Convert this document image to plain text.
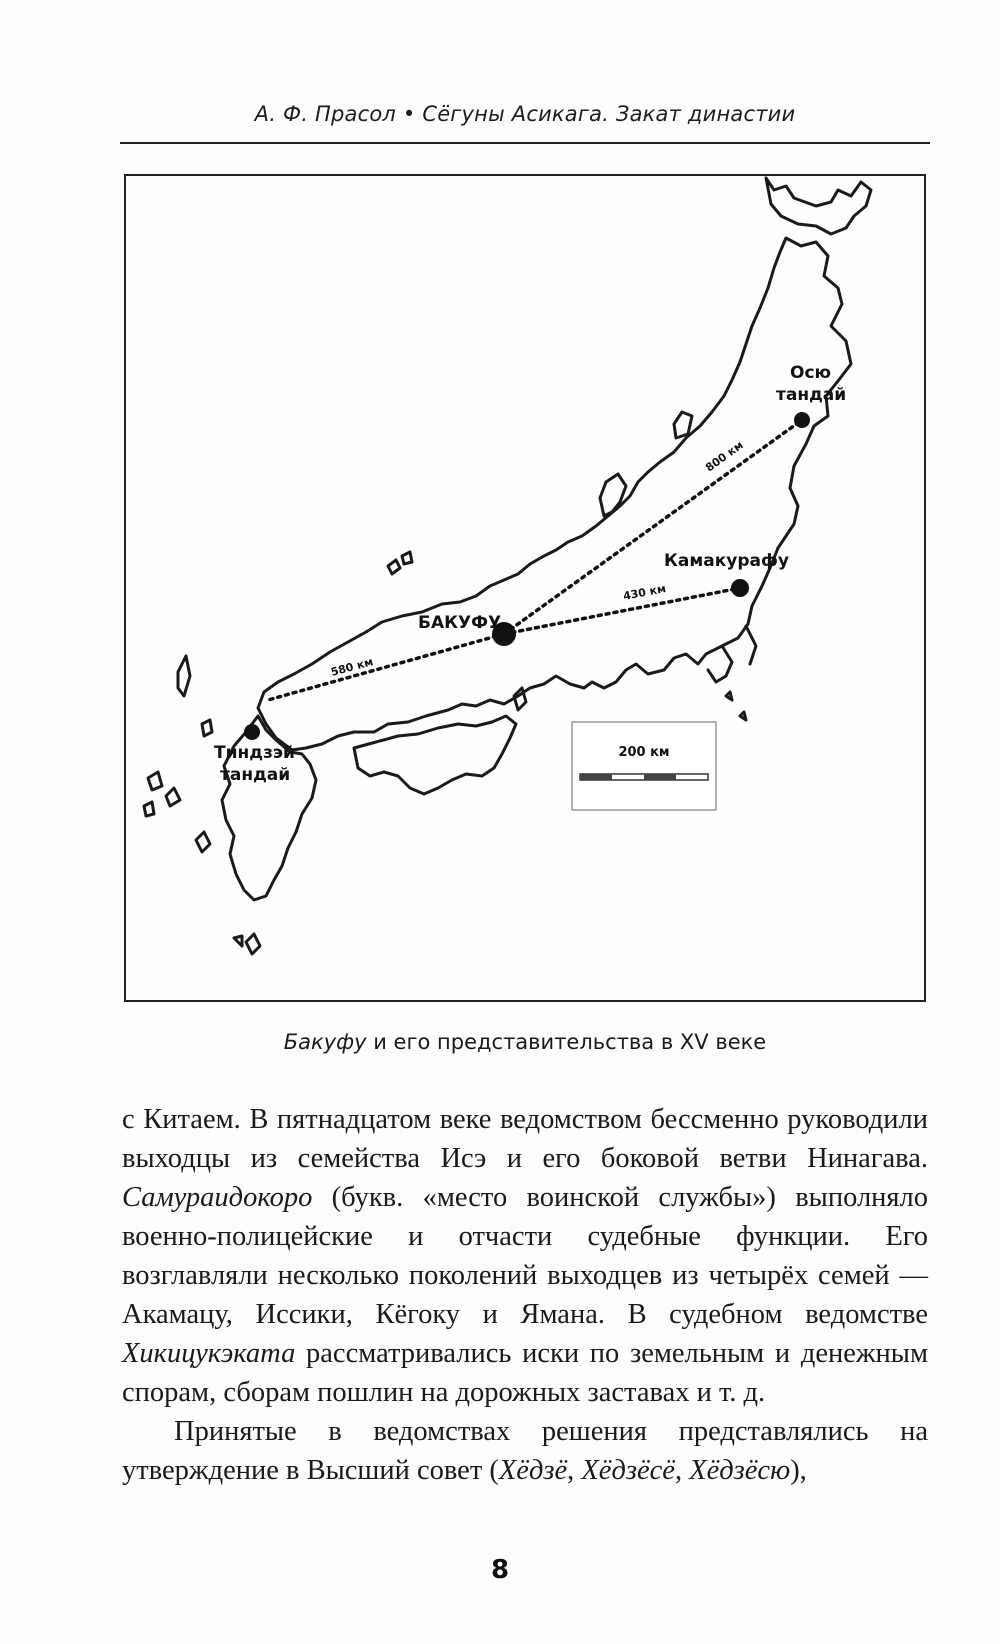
А. Ф. Прасол • Сёгуны Асикага. Закат династии
Осю
тандай
Камакурафу
БАКУФУ
Тиндзэй
тандай
800 км
430 км
580 км
200 км
Бакуфу и его представительства в XV веке

с Китаем. В пятнадцатом веке ведомством бессменно руководили выходцы из семейства Исэ и его боковой ветви Нинагава. Самураидокоро (букв. «место воинской службы») выполняло военно-полицейские и отчасти судебные функции. Его возглавляли несколько поколений выходцев из четырёх семей — Акамацу, Иссики, Кёгоку и Ямана. В судебном ведомстве Хикицукэката рассматривались иски по земельным и денежным спорам, сборам пошлин на дорожных заставах и т. д.

Принятые в ведомствах решения представлялись на утверждение в Высший совет (Хёдзё, Хёдзёсё, Хёдзёсю),

8
